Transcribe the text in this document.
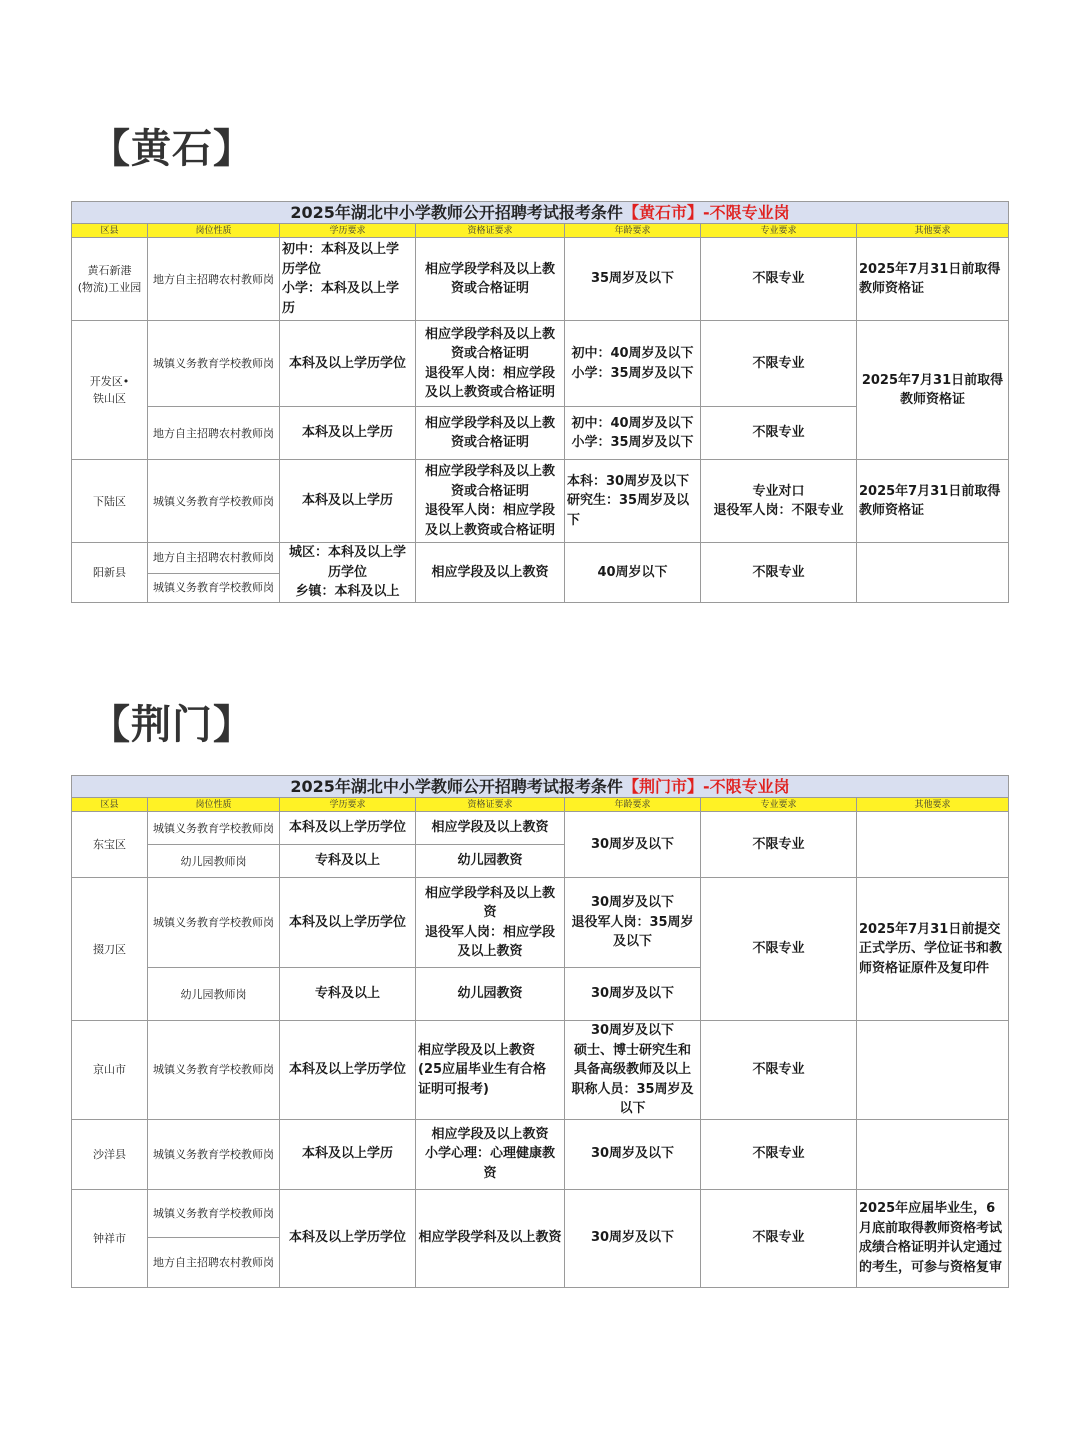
【黄石】
2025年湖北中小学教师公开招聘考试报考条件【黄石市】-不限专业岗						
区县	岗位性质	学历要求	资格证要求	年龄要求	专业要求	其他要求
黄石新港
(物流)工业园	地方自主招聘农村教师岗	初中：本科及以上学
历学位
小学：本科及以上学
历	相应学段学科及以上教
资或合格证明	35周岁及以下	不限专业	2025年7月31日前取得
教师资格证
开发区•
铁山区	城镇义务教育学校教师岗	本科及以上学历学位	相应学段学科及以上教
资或合格证明
退役军人岗：相应学段
及以上教资或合格证明	初中：40周岁及以下
小学：35周岁及以下	不限专业	2025年7月31日前取得
教师资格证
	地方自主招聘农村教师岗	本科及以上学历	相应学段学科及以上教
资或合格证明	初中：40周岁及以下
小学：35周岁及以下	不限专业	
下陆区	城镇义务教育学校教师岗	本科及以上学历	相应学段学科及以上教
资或合格证明
退役军人岗：相应学段
及以上教资或合格证明	本科：30周岁及以下
研究生：35周岁及以
下	专业对口
退役军人岗：不限专业	2025年7月31日前取得
教师资格证
阳新县	地方自主招聘农村教师岗	城区：本科及以上学
历学位
乡镇：本科及以上	相应学段及以上教资	40周岁以下	不限专业	
	城镇义务教育学校教师岗					
【荆门】
2025年湖北中小学教师公开招聘考试报考条件【荆门市】-不限专业岗						
区县	岗位性质	学历要求	资格证要求	年龄要求	专业要求	其他要求
东宝区	城镇义务教育学校教师岗	本科及以上学历学位	相应学段及以上教资	30周岁及以下	不限专业	
	幼儿园教师岗	专科及以上	幼儿园教资			
掇刀区	城镇义务教育学校教师岗	本科及以上学历学位	相应学段学科及以上教
资
退役军人岗：相应学段
及以上教资	30周岁及以下
退役军人岗：35周岁
及以下	不限专业	2025年7月31日前提交
正式学历、学位证书和教
师资格证原件及复印件
	幼儿园教师岗	专科及以上	幼儿园教资	30周岁及以下		
京山市	城镇义务教育学校教师岗	本科及以上学历学位	相应学段及以上教资
(25应届毕业生有合格
证明可报考)	30周岁及以下
硕士、博士研究生和
具备高级教师及以上
职称人员：35周岁及
以下	不限专业	
沙洋县	城镇义务教育学校教师岗	本科及以上学历	相应学段及以上教资
小学心理：心理健康教
资	30周岁及以下	不限专业	
钟祥市	城镇义务教育学校教师岗	本科及以上学历学位	相应学段学科及以上教资	30周岁及以下	不限专业	2025年应届毕业生，6
月底前取得教师资格考试
成绩合格证明并认定通过
的考生，可参与资格复审
	地方自主招聘农村教师岗					
